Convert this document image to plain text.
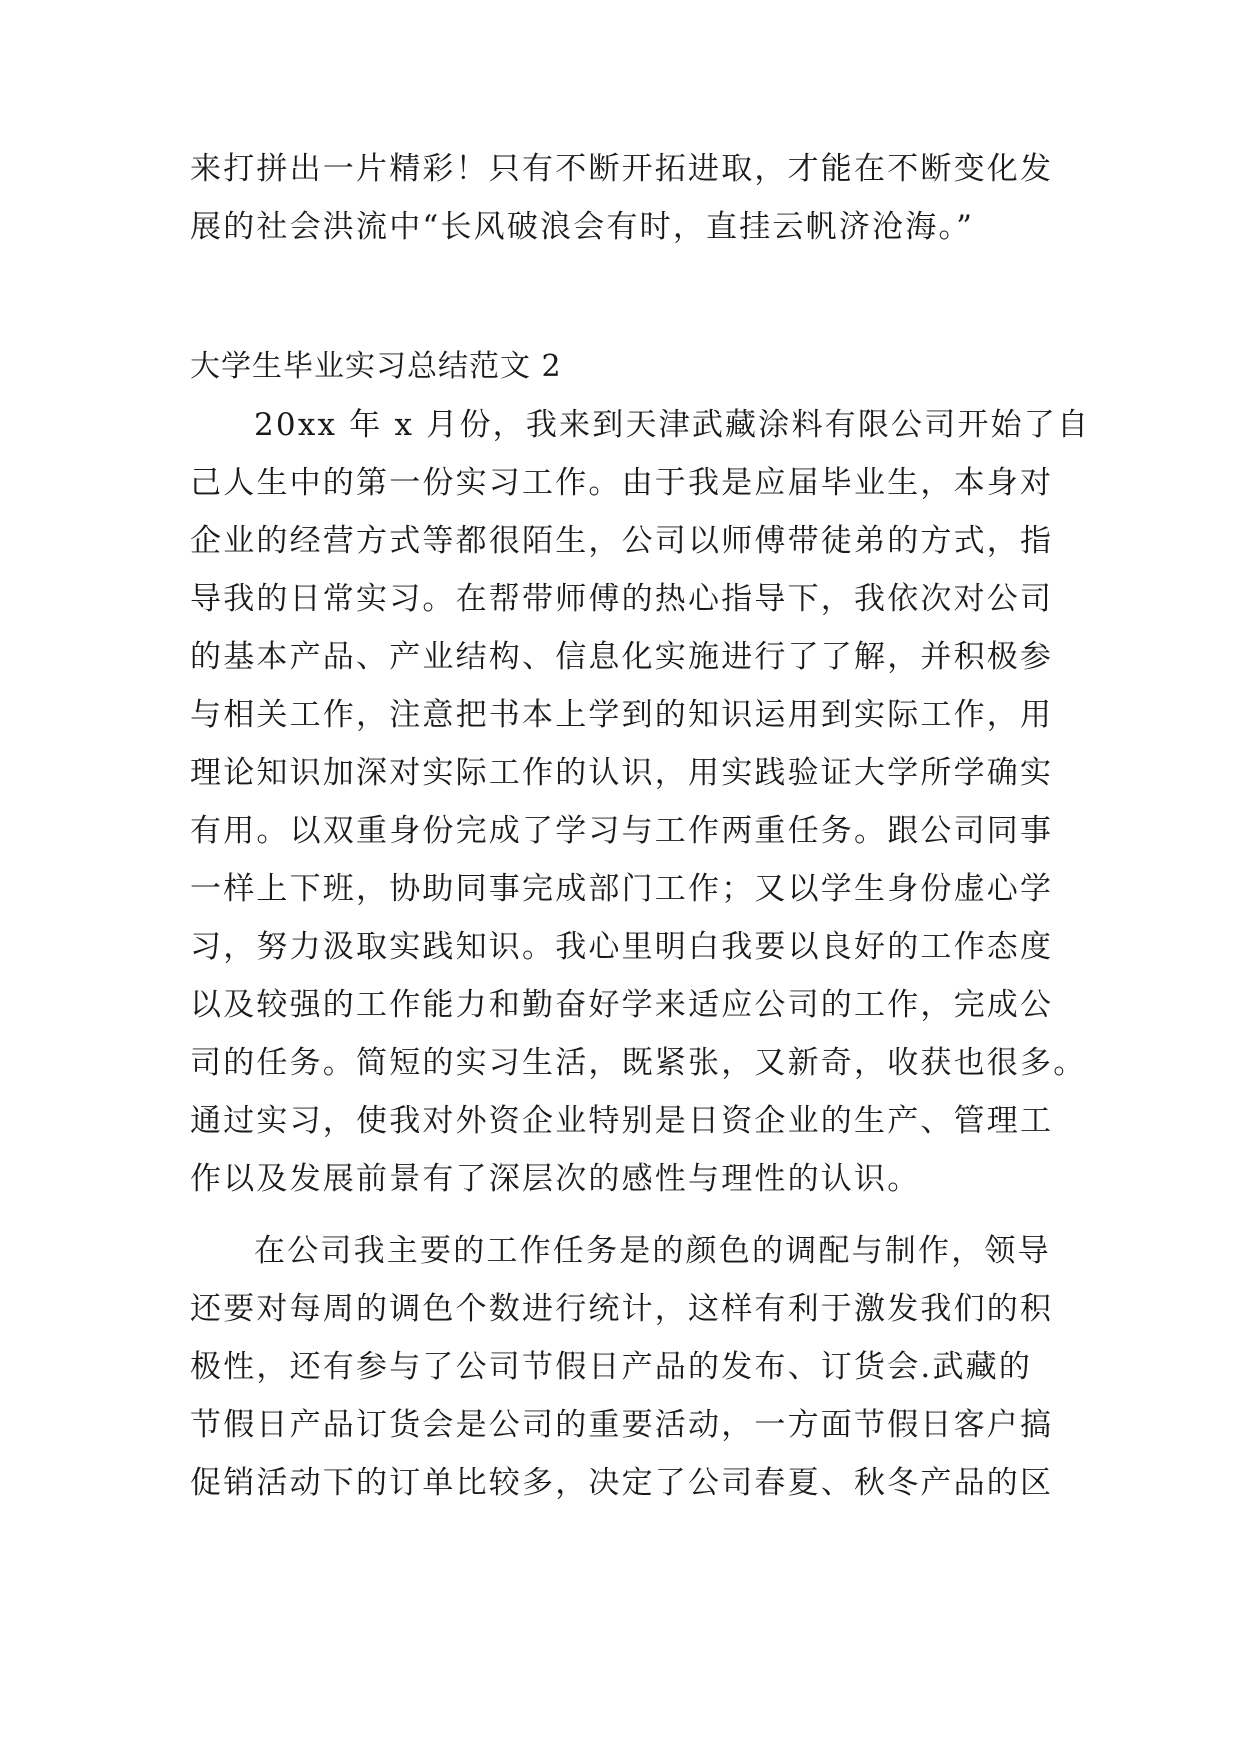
来打拼出一片精彩！只有不断开拓进取，才能在不断变化发
展的社会洪流中“长风破浪会有时，直挂云帆济沧海。”
大学生毕业实习总结范文 2
20xx 年 x 月份，我来到天津武藏涂料有限公司开始了自
己人生中的第一份实习工作。由于我是应届毕业生，本身对
企业的经营方式等都很陌生，公司以师傅带徒弟的方式，指
导我的日常实习。在帮带师傅的热心指导下，我依次对公司
的基本产品、产业结构、信息化实施进行了了解，并积极参
与相关工作，注意把书本上学到的知识运用到实际工作，用
理论知识加深对实际工作的认识，用实践验证大学所学确实
有用。以双重身份完成了学习与工作两重任务。跟公司同事
一样上下班，协助同事完成部门工作；又以学生身份虚心学
习，努力汲取实践知识。我心里明白我要以良好的工作态度
以及较强的工作能力和勤奋好学来适应公司的工作，完成公
司的任务。简短的实习生活，既紧张，又新奇，收获也很多。
通过实习，使我对外资企业特别是日资企业的生产、管理工
作以及发展前景有了深层次的感性与理性的认识。
在公司我主要的工作任务是的颜色的调配与制作，领导
还要对每周的调色个数进行统计，这样有利于激发我们的积
极性，还有参与了公司节假日产品的发布、订货会.武藏的
节假日产品订货会是公司的重要活动，一方面节假日客户搞
促销活动下的订单比较多，决定了公司春夏、秋冬产品的区
